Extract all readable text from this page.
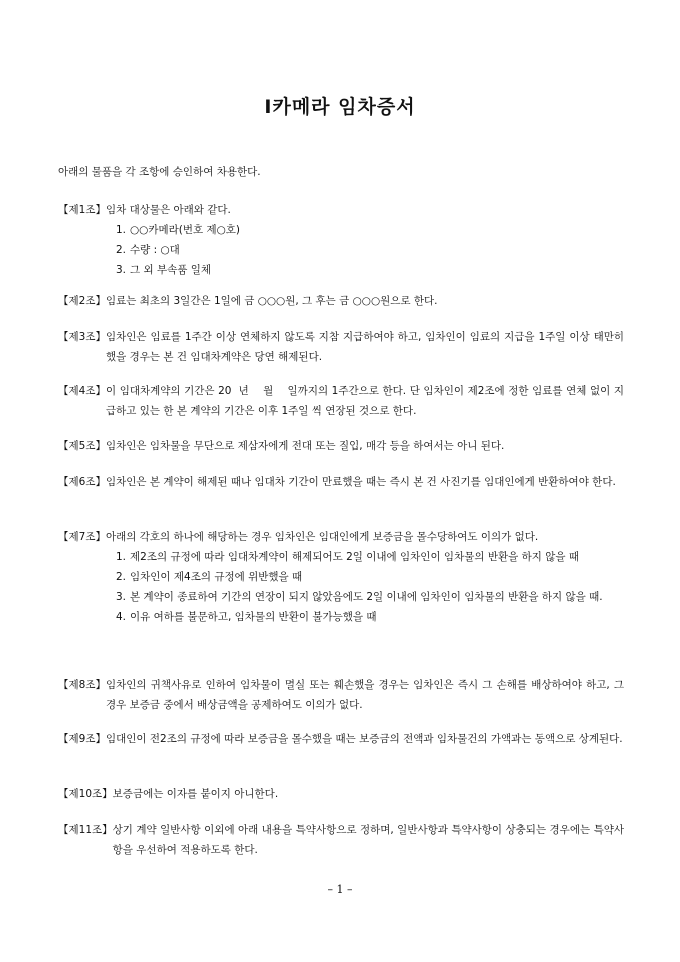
I카메라 임차증서
아래의 물품을 각 조항에 승인하여 차용한다.
【제1조】 임차 대상물은 아래와 같다.
1. ○○카메라(번호 제○호)
2. 수량 : ○대
3. 그 외 부속품 일체
【제2조】 임료는 최초의 3일간은 1일에 금 ○○○원, 그 후는 금 ○○○원으로 한다.
【제3조】 임차인은 임료를 1주간 이상 연체하지 않도록 지참 지급하여야 하고, 임차인이 임료의 지급을 1주일 이상 태만히 했을 경우는 본 건 임대차계약은 당연 해제된다.
【제4조】 이 임대차계약의 기간은 20  년    월    일까지의 1주간으로 한다. 단 임차인이 제2조에 정한 임료를 연체 없이 지급하고 있는 한 본 계약의 기간은 이후 1주일 씩 연장된 것으로 한다.
【제5조】 임차인은 임차물을 무단으로 제삼자에게 전대 또는 질입, 매각 등을 하여서는 아니 된다.
【제6조】 임차인은 본 계약이 해제된 때나 임대차 기간이 만료했을 때는 즉시 본 건 사진기를 임대인에게 반환하여야 한다.
【제7조】 아래의 각호의 하나에 해당하는 경우 임차인은 임대인에게 보증금을 몰수당하여도 이의가 없다.
1. 제2조의 규정에 따라 임대차계약이 해제되어도 2일 이내에 임차인이 임차물의 반환을 하지 않을 때
2. 임차인이 제4조의 규정에 위반했을 때
3. 본 계약이 종료하여 기간의 연장이 되지 않았음에도 2일 이내에 임차인이 임차물의 반환을 하지 않을 때.
4. 이유 여하를 불문하고, 임차물의 반환이 불가능했을 때
【제8조】 임차인의 귀책사유로 인하여 임차물이 멸실 또는 훼손했을 경우는 임차인은 즉시 그 손해를 배상하여야 하고, 그 경우 보증금 중에서 배상금액을 공제하여도 이의가 없다.
【제9조】 임대인이 전2조의 규정에 따라 보증금을 몰수했을 때는 보증금의 전액과 임차물건의 가액과는 동액으로 상계된다.
【제10조】 보증금에는 이자를 붙이지 아니한다.
【제11조】 상기 계약 일반사항 이외에 아래 내용을 특약사항으로 정하며, 일반사항과 특약사항이 상충되는 경우에는 특약사항을 우선하여 적용하도록 한다.
– 1 –
